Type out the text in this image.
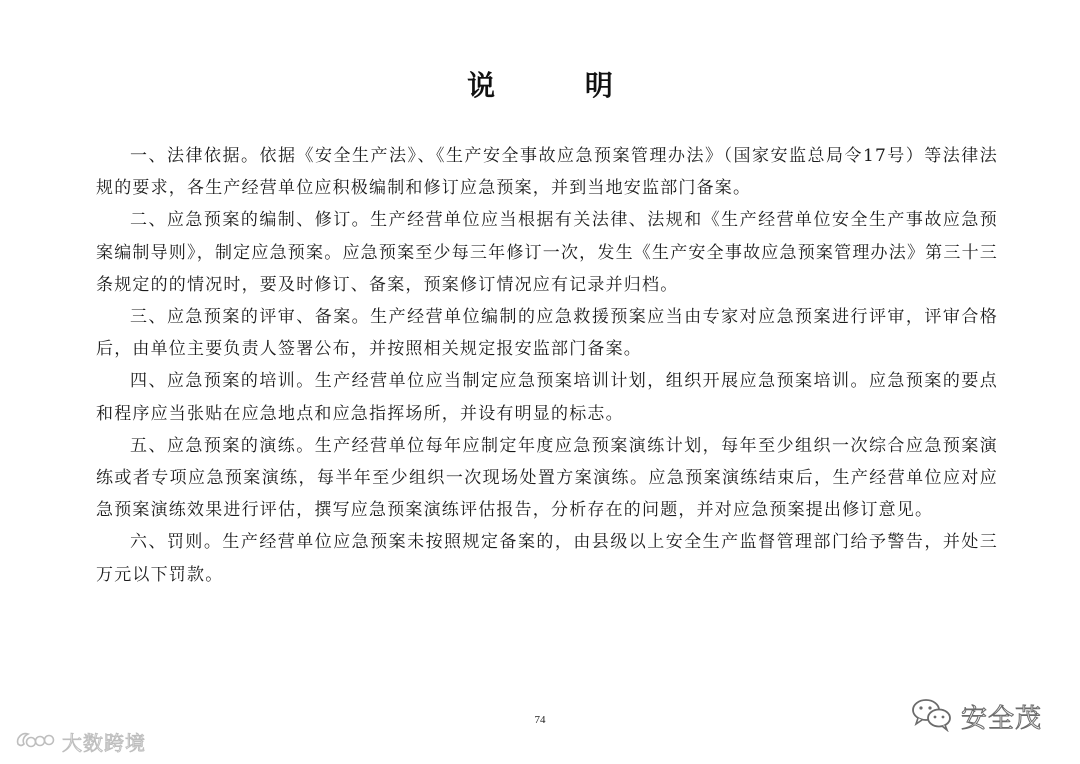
说 明

一、法律依据。依据《安全生产法》、《生产安全事故应急预案管理办法》（国家安监总局令17号）等法律法规的要求，各生产经营单位应积极编制和修订应急预案，并到当地安监部门备案。

二、应急预案的编制、修订。生产经营单位应当根据有关法律、法规和《生产经营单位安全生产事故应急预案编制导则》，制定应急预案。应急预案至少每三年修订一次，发生《生产安全事故应急预案管理办法》第三十三条规定的的情况时，要及时修订、备案，预案修订情况应有记录并归档。

三、应急预案的评审、备案。生产经营单位编制的应急救援预案应当由专家对应急预案进行评审，评审合格后，由单位主要负责人签署公布，并按照相关规定报安监部门备案。

四、应急预案的培训。生产经营单位应当制定应急预案培训计划，组织开展应急预案培训。应急预案的要点和程序应当张贴在应急地点和应急指挥场所，并设有明显的标志。

五、应急预案的演练。生产经营单位每年应制定年度应急预案演练计划，每年至少组织一次综合应急预案演练或者专项应急预案演练，每半年至少组织一次现场处置方案演练。应急预案演练结束后，生产经营单位应对应急预案演练效果进行评估，撰写应急预案演练评估报告，分析存在的问题，并对应急预案提出修订意见。

六、罚则。生产经营单位应急预案未按照规定备案的，由县级以上安全生产监督管理部门给予警告，并处三万元以下罚款。

74
大数跨境
安全茂
